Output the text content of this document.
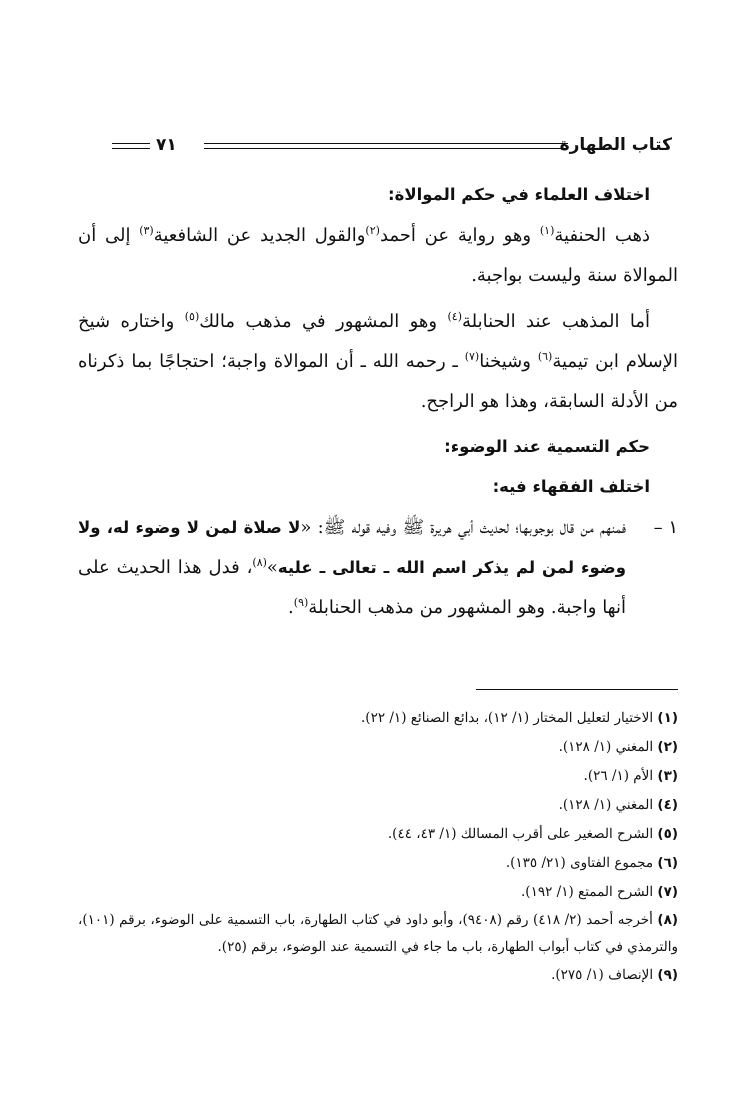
كتاب الطهارة
٧١
اختلاف العلماء في حكم الموالاة:

ذهب الحنفية$^{(١)}$ وهو رواية عن أحمد$^{(٢)}$والقول الجديد عن الشافعية$^{(٣)}$ إلى أن الموالاة سنة وليست بواجبة.

أما المذهب عند الحنابلة$^{(٤)}$ وهو المشهور في مذهب مالك$^{(٥)}$ واختاره شيخ الإسلام ابن تيمية$^{(٦)}$ وشيخنا$^{(٧)}$ ـ رحمه الله ـ أن الموالاة واجبة؛ احتجاجًا بما ذكرناه من الأدلة السابقة، وهذا هو الراجح.

حكم التسمية عند الوضوء:
اختلف الفقهاء فيه:
١ –

فمنهم من قال بوجوبها؛ لحديث أبي هريرة ﷺ وفيه قوله ﷺ: «لا صلاة لمن لا وضوء له، ولا وضوء لمن لم يذكر اسم الله ـ تعالى ـ عليه»$^{(٨)}$، فدل هذا الحديث على أنها واجبة. وهو المشهور من مذهب الحنابلة$^{(٩)}$.

(١) الاختيار لتعليل المختار (١/ ١٢)، بدائع الصنائع (١/ ٢٢).
(٢) المغني (١/ ١٢٨).
(٣) الأم (١/ ٢٦).
(٤) المغني (١/ ١٢٨).
(٥) الشرح الصغير على أقرب المسالك (١/ ٤٣، ٤٤).
(٦) مجموع الفتاوى (٢١/ ١٣٥).
(٧) الشرح الممتع (١/ ١٩٢).
(٨) أخرجه أحمد (٢/ ٤١٨) رقم (٩٤٠٨)، وأبو داود في كتاب الطهارة، باب التسمية على الوضوء، برقم (١٠١)، والترمذي في كتاب أبواب الطهارة، باب ما جاء في التسمية عند الوضوء، برقم (٢٥).
(٩) الإنصاف (١/ ٢٧٥).
